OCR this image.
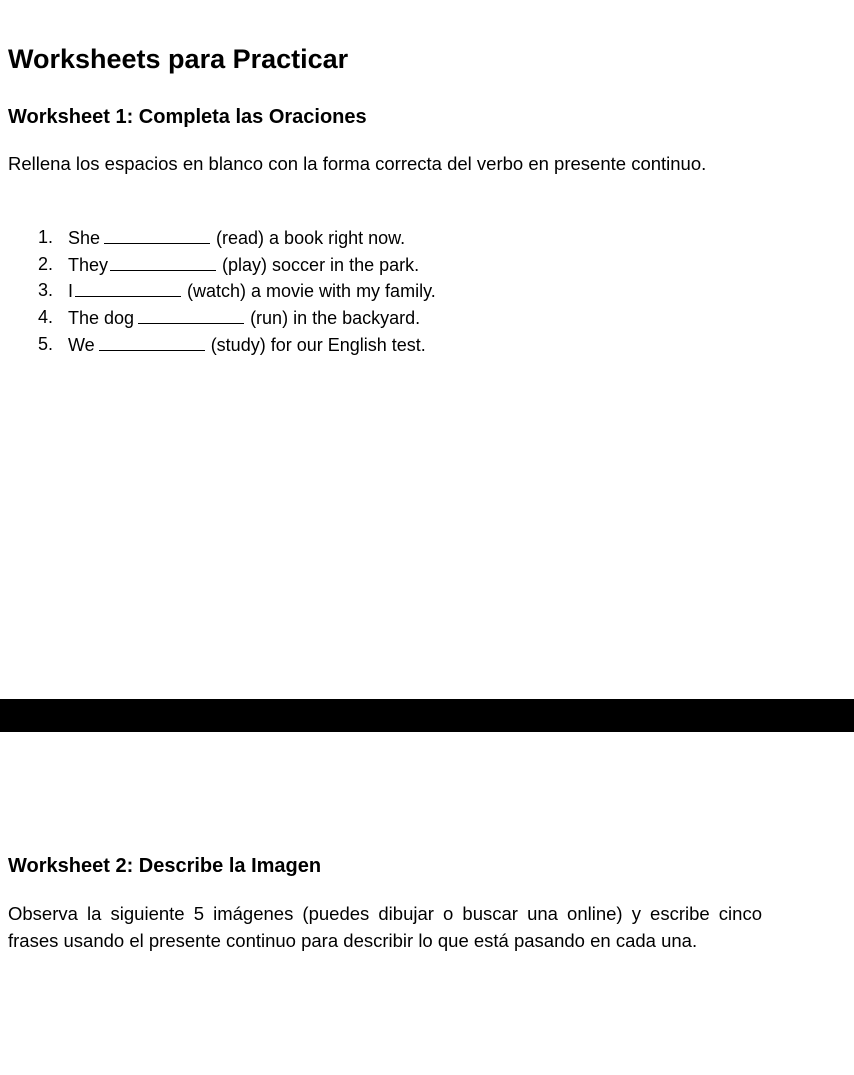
Worksheets para Practicar
Worksheet 1: Completa las Oraciones

Rellena los espacios en blanco con la forma correcta del verbo en presente continuo.

1. She	(read) a book right now.
2. They	(play) soccer in the park.
3. I	(watch) a movie with my family.
4. The dog	(run) in the backyard.
5. We	(study) for our English test.
Worksheet 2: Describe la Imagen

Observa la siguiente 5 imágenes (puedes dibujar o buscar una online) y escribe cinco frases usando el presente continuo para describir lo que está pasando en cada una.
